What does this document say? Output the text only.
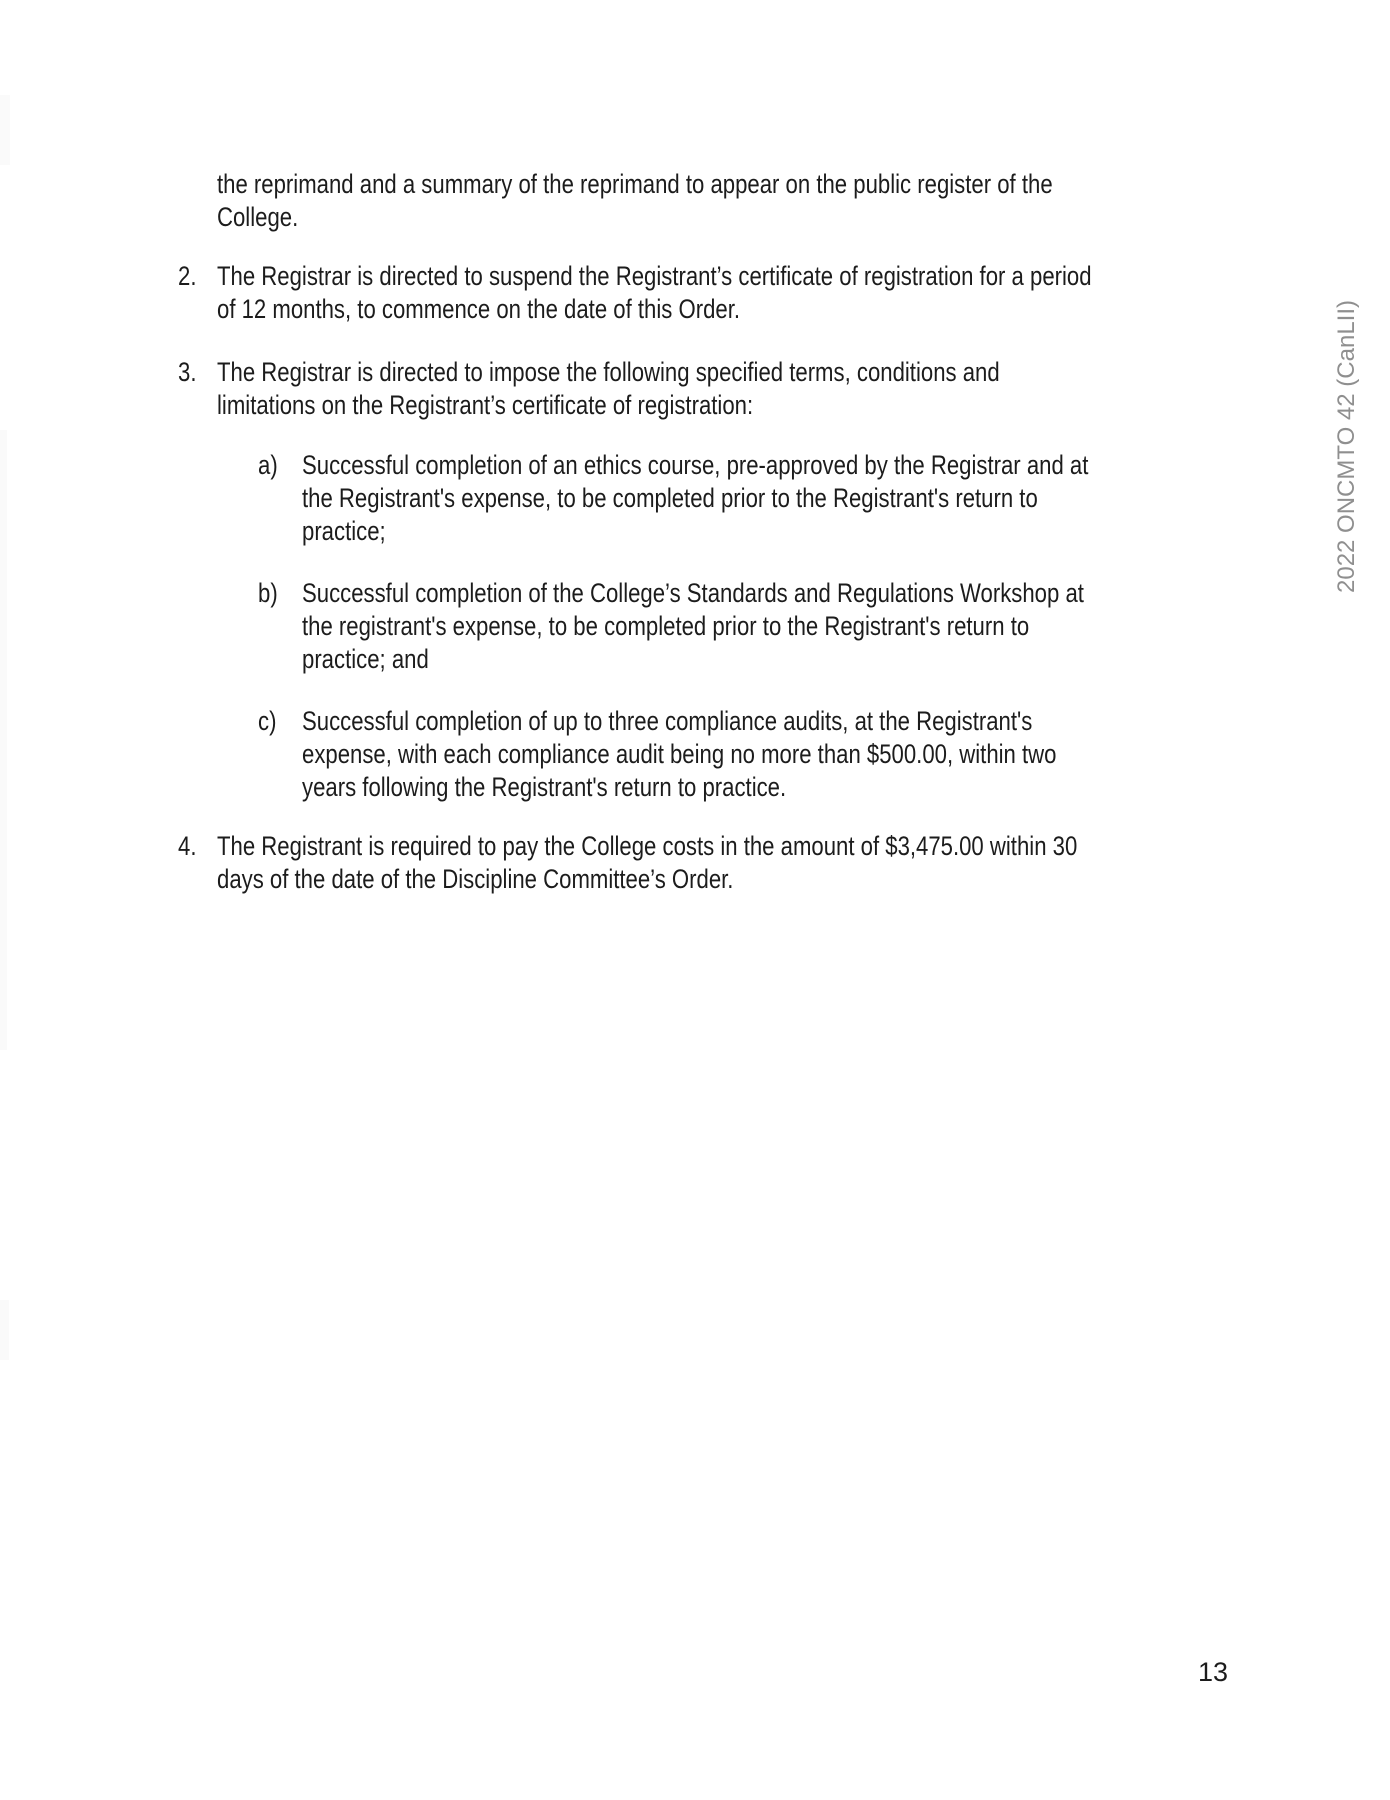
the reprimand and a summary of the reprimand to appear on the public register of the
College.
2. The Registrar is directed to suspend the Registrant’s certificate of registration for a period
of 12 months, to commence on the date of this Order.
3. The Registrar is directed to impose the following specified terms, conditions and
limitations on the Registrant’s certificate of registration:
a) Successful completion of an ethics course, pre-approved by the Registrar and at
the Registrant's expense, to be completed prior to the Registrant's return to
practice;
b) Successful completion of the College’s Standards and Regulations Workshop at
the registrant's expense, to be completed prior to the Registrant's return to
practice; and
c) Successful completion of up to three compliance audits, at the Registrant's
expense, with each compliance audit being no more than $500.00, within two
years following the Registrant's return to practice.
4. The Registrant is required to pay the College costs in the amount of $3,475.00 within 30
days of the date of the Discipline Committee’s Order.
2022 ONCMTO 42 (CanLII)
13
